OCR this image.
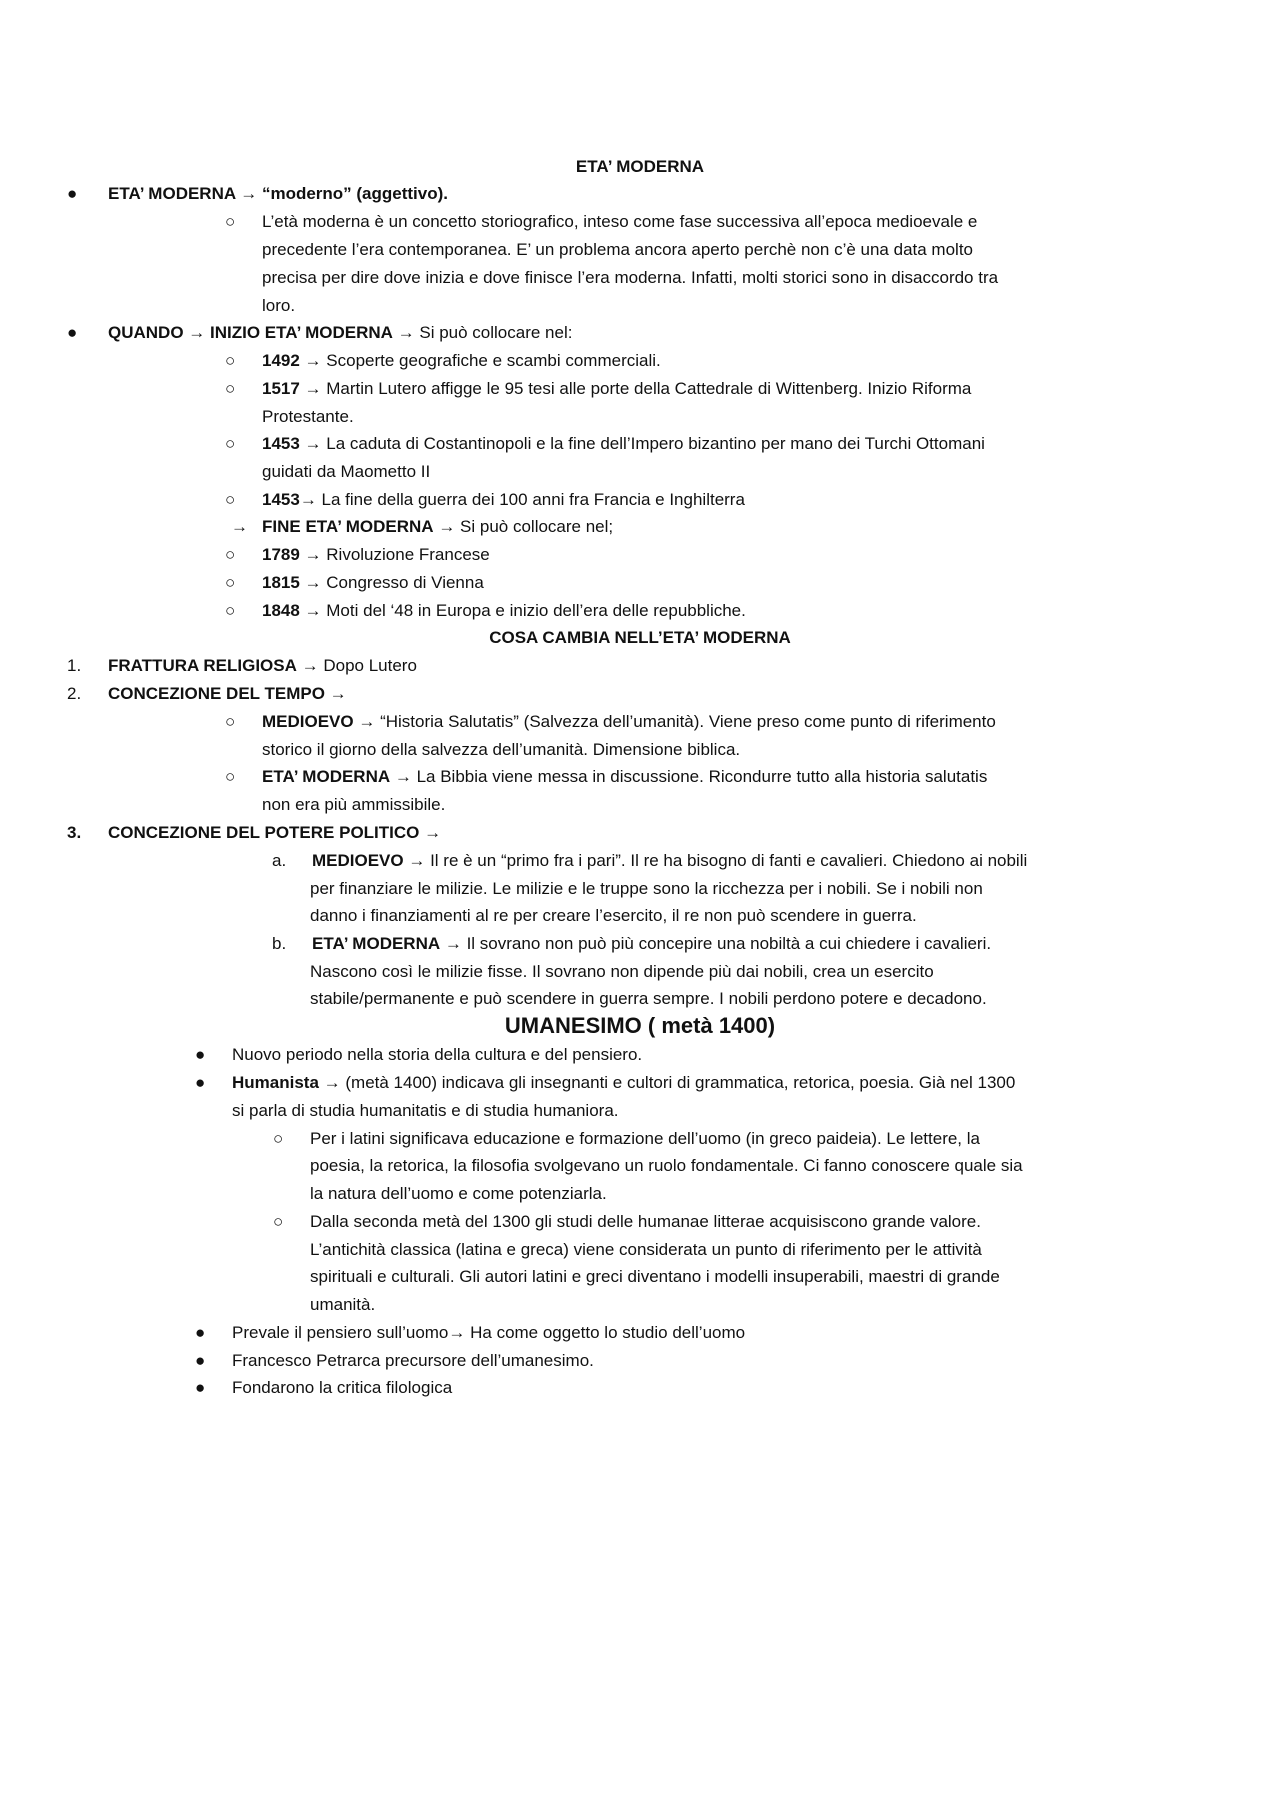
ETA’ MODERNA
● ETA’ MODERNA → “moderno” (aggettivo).
○ L’età moderna è un concetto storiografico, inteso come fase successiva all’epoca medioevale e
precedente l’era contemporanea. E’ un problema ancora aperto perchè non c’è una data molto
precisa per dire dove inizia e dove finisce l’era moderna. Infatti, molti storici sono in disaccordo tra
loro.
● QUANDO → INIZIO ETA’ MODERNA → Si può collocare nel:
○ 1492 → Scoperte geografiche e scambi commerciali.
○ 1517 → Martin Lutero affigge le 95 tesi alle porte della Cattedrale di Wittenberg. Inizio Riforma
Protestante.
○ 1453 → La caduta di Costantinopoli e la fine dell’Impero bizantino per mano dei Turchi Ottomani
guidati da Maometto II
○ 1453→ La fine della guerra dei 100 anni fra Francia e Inghilterra
→ FINE ETA’ MODERNA → Si può collocare nel;
○ 1789 → Rivoluzione Francese
○ 1815 → Congresso di Vienna
○ 1848 → Moti del ‘48 in Europa e inizio dell’era delle repubbliche.
COSA CAMBIA NELL’ETA’ MODERNA
1. FRATTURA RELIGIOSA → Dopo Lutero
2. CONCEZIONE DEL TEMPO →
○ MEDIOEVO → “Historia Salutatis” (Salvezza dell’umanità). Viene preso come punto di riferimento
storico il giorno della salvezza dell’umanità. Dimensione biblica.
○ ETA’ MODERNA → La Bibbia viene messa in discussione. Ricondurre tutto alla historia salutatis
non era più ammissibile.
3. CONCEZIONE DEL POTERE POLITICO →
a. MEDIOEVO → Il re è un “primo fra i pari”. Il re ha bisogno di fanti e cavalieri. Chiedono ai nobili
per finanziare le milizie. Le milizie e le truppe sono la ricchezza per i nobili. Se i nobili non
danno i finanziamenti al re per creare l’esercito, il re non può scendere in guerra.
b. ETA’ MODERNA → Il sovrano non può più concepire una nobiltà a cui chiedere i cavalieri.
Nascono così le milizie fisse. Il sovrano non dipende più dai nobili, crea un esercito
stabile/permanente e può scendere in guerra sempre. I nobili perdono potere e decadono.
UMANESIMO ( metà 1400)
● Nuovo periodo nella storia della cultura e del pensiero.
● Humanista → (metà 1400) indicava gli insegnanti e cultori di grammatica, retorica, poesia. Già nel 1300
si parla di studia humanitatis e di studia humaniora.
○ Per i latini significava educazione e formazione dell’uomo (in greco paideia). Le lettere, la
poesia, la retorica, la filosofia svolgevano un ruolo fondamentale. Ci fanno conoscere quale sia
la natura dell’uomo e come potenziarla.
○ Dalla seconda metà del 1300 gli studi delle humanae litterae acquisiscono grande valore.
L’antichità classica (latina e greca) viene considerata un punto di riferimento per le attività
spirituali e culturali. Gli autori latini e greci diventano i modelli insuperabili, maestri di grande
umanità.
● Prevale il pensiero sull’uomo→ Ha come oggetto lo studio dell’uomo
● Francesco Petrarca precursore dell’umanesimo.
● Fondarono la critica filologica
